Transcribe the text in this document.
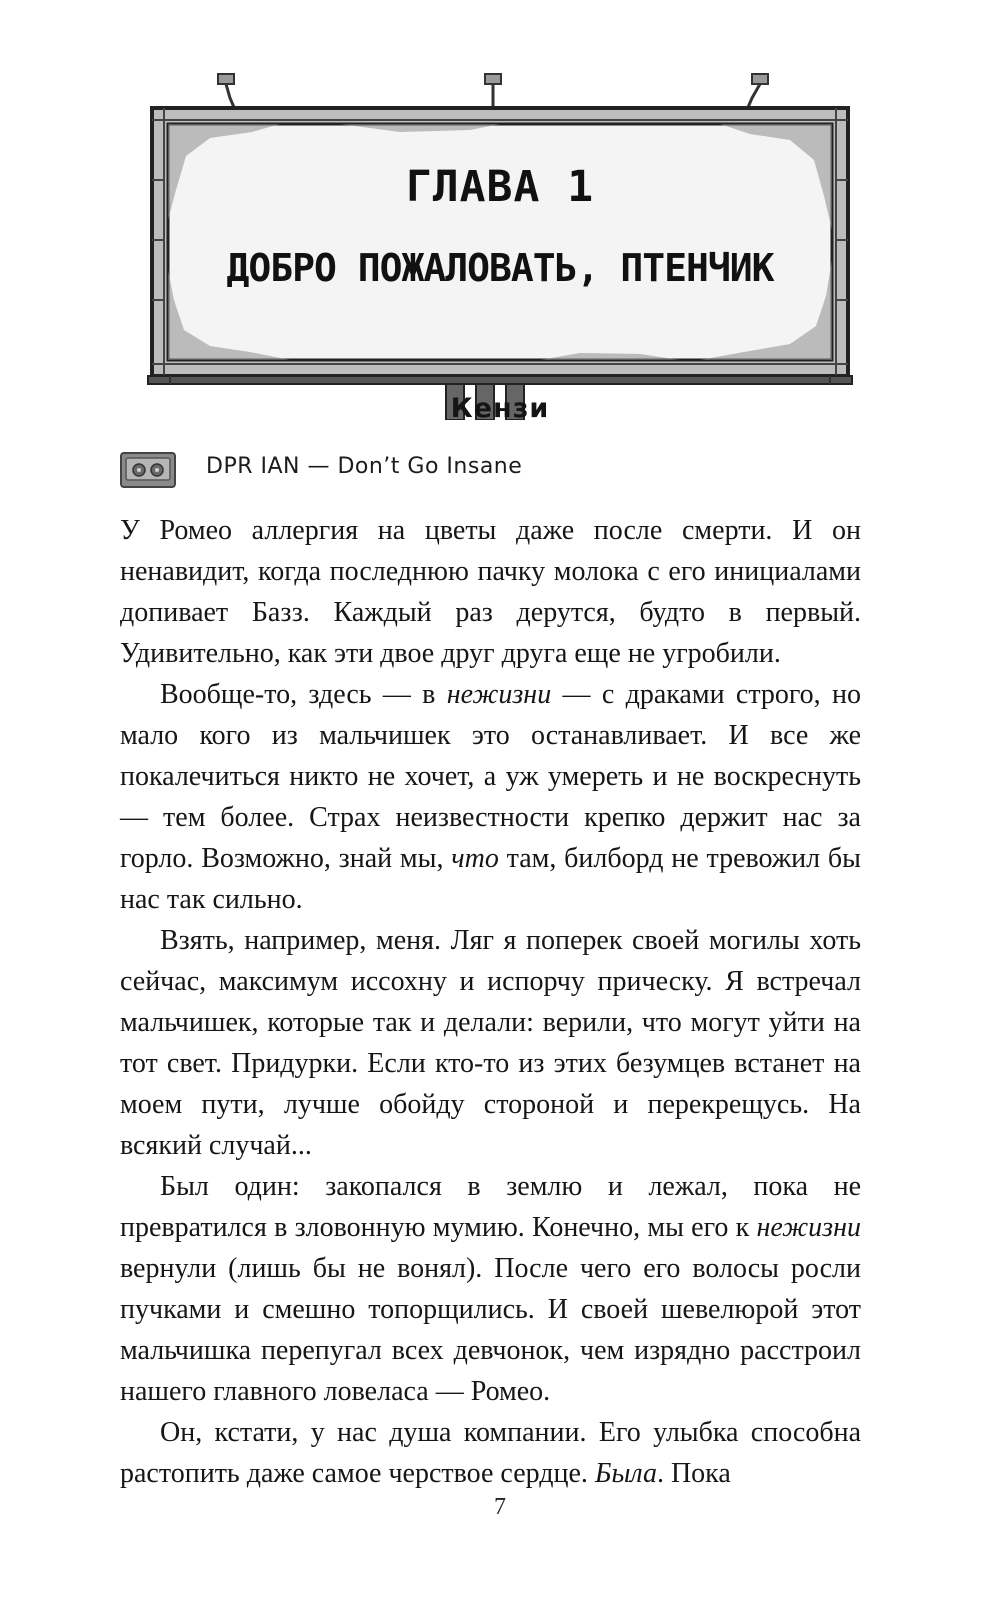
ГЛАВА 1
ДОБРО ПОЖАЛОВАТЬ, ПТЕНЧИК
Кензи
DPR IAN — Don’t Go Insane

У Ромео аллергия на цветы даже после смерти. И он ненавидит, когда последнюю пачку молока с его инициалами допивает Базз. Каждый раз дерутся, будто в первый. Удивительно, как эти двое друг друга еще не угробили.

Вообще-то, здесь — в нежизни — с драками строго, но мало кого из мальчишек это останавливает. И все же покалечиться никто не хочет, а уж умереть и не воскреснуть — тем более. Страх неизвестности крепко держит нас за горло. Возможно, знай мы, что там, билборд не тревожил бы нас так сильно.

Взять, например, меня. Ляг я поперек своей могилы хоть сейчас, максимум иссохну и испорчу прическу. Я встречал мальчишек, которые так и делали: верили, что могут уйти на тот свет. Придурки. Если кто-то из этих безумцев встанет на моем пути, лучше обойду стороной и перекрещусь. На всякий случай...

Был один: закопался в землю и лежал, пока не превратился в зловонную мумию. Конечно, мы его к нежизни вернули (лишь бы не вонял). После чего его волосы росли пучками и смешно топорщились. И своей шевелюрой этот мальчишка перепугал всех девчонок, чем изрядно расстроил нашего главного ловеласа — Ромео.

Он, кстати, у нас душа компании. Его улыбка способна растопить даже самое черствое сердце. Была. Пока

7
